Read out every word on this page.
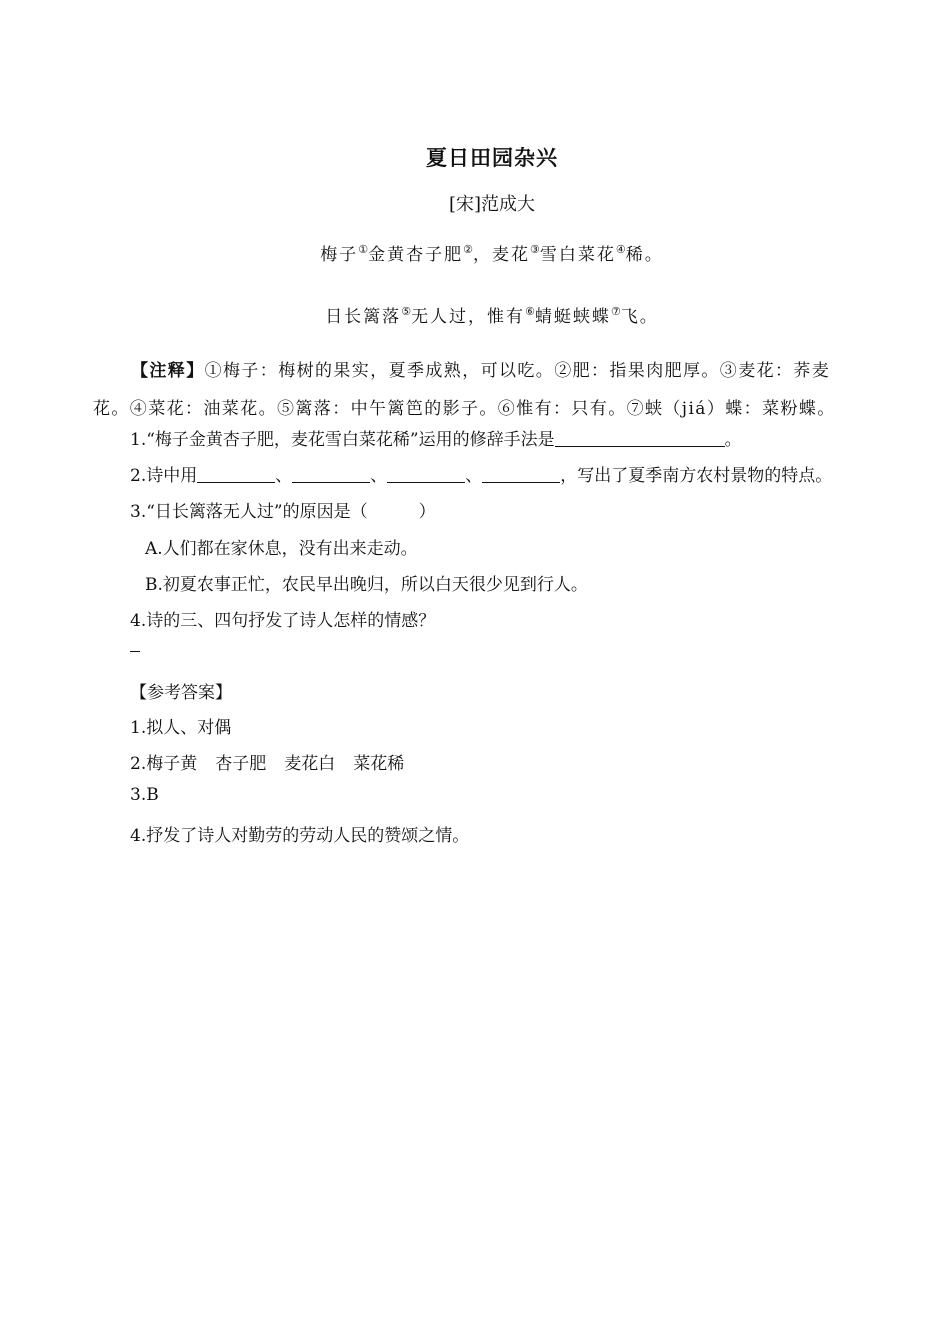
夏日田园杂兴
[宋]范成大
梅子①金黄杏子肥②，麦花③雪白菜花④稀。
日长篱落⑤无人过，惟有⑥蜻蜓蛱蝶⑦飞。
【注释】①梅子：梅树的果实，夏季成熟，可以吃。②肥：指果肉肥厚。③麦花：荞麦花。④菜花：油菜花。⑤篱落：中午篱笆的影子。⑥惟有：只有。⑦蛱（jiá）蝶：菜粉蝶。
1.“梅子金黄杏子肥，麦花雪白菜花稀”运用的修辞手法是	。
2.诗中用	、	、	、	，写出了夏季南方农村景物的特点。
3.“日长篱落无人过”的原因是（　　　）
A.人们都在家休息，没有出来走动。
B.初夏农事正忙，农民早出晚归，所以白天很少见到行人。
4.诗的三、四句抒发了诗人怎样的情感？
【参考答案】
1.拟人、对偶
2.梅子黄 杏子肥 麦花白 菜花稀
3.B
4.抒发了诗人对勤劳的劳动人民的赞颂之情。
